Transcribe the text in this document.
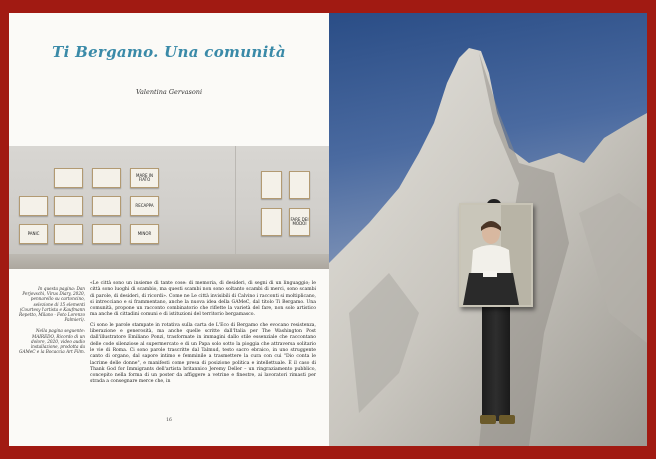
Ti Bergamo. Una comunità
Valentina Gervasoni
MARE IN FIATO
RECAPPA
PANIC	MINOR
FARE DEI MODOI

In questa pagina: Dan Perjovschi, Virus Diary, 2020, pennarello su cartoncino, selezione di 15 elementi (Courtesy l'artista e Kaufmann Repetto, Milano · Foto Lorenzo Palmieri).

Nella pagina seguente: MAIREDO, Ricordo di un dolore, 2020, video audio installazione, prodotta da GAMeC e la Bocaccia Art Film.

«Le città sono un insieme di tante cose: di memoria, di desideri, di segni di un linguaggio; le città sono luoghi di scambio, ma questi scambi non sono soltanto scambi di merci, sono scambi di parole, di desideri, di ricordi». Come ne Le città invisibili di Calvino i racconti si moltiplicano, si intrecciano e si frammentano, anche la nuova idea della GAMeC, dal titolo Ti Bergamo. Una comunità, propone un racconto combinatorio che riflette la varietà del fare, non solo artistico ma anche di cittadini comuni e di istituzioni del territorio bergamasco.

Ci sono le parole stampate in rotativa sulla carta de L'Eco di Bergamo che evocano resistenza, liberazione e generosità, ma anche quelle scritte dall'Italia per The Washington Post dall'illustratore Emiliano Ponzi, trasformate in immagini dallo stile essenziale che raccontano delle code silenziose al supermercato e di un Papa solo sotto la pioggia che attraversa solitario le vie di Roma. Ci sono parole trascritte dal Talmud, testo sacro ebraico, in uno struggente canto di organo, dal sapore intimo e femminile a trasmettere la cura con cui "Dio conta le lacrime delle donne", e manifesti come presa di posizione politica e intellettuale. È il caso di Thank God for Immigrants dell'artista britannico Jeremy Deller – un ringraziamento pubblico, concepito nella forma di un poster da affiggere a vetrine e finestre, ai lavoratori rimasti per strada a consegnare merce che, in

16
